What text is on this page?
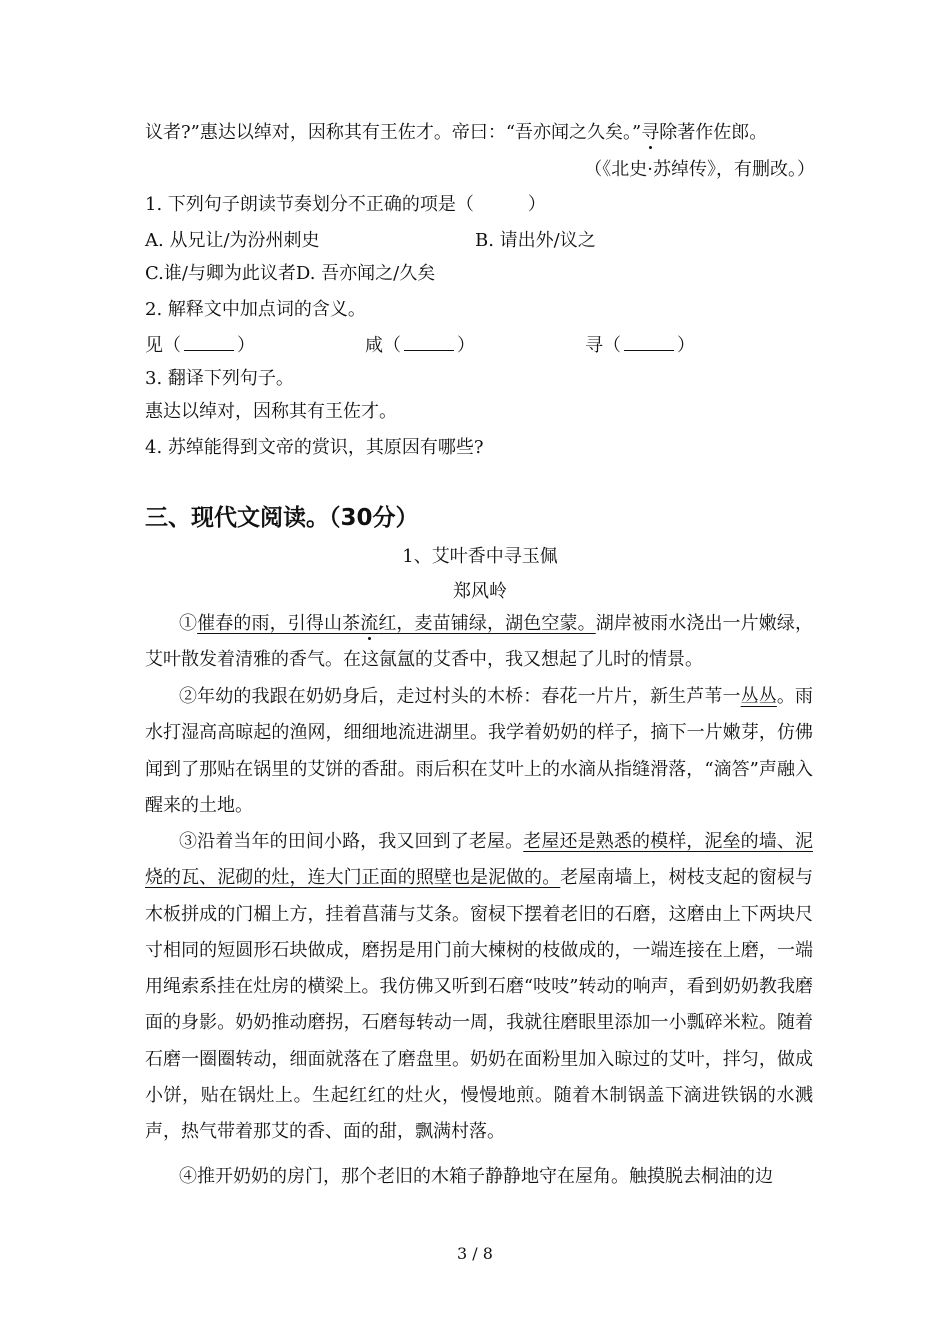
议者?”惠达以绰对，因称其有王佐才。帝曰：“吾亦闻之久矣。”寻除著作佐郎。
（《北史·苏绰传》，有删改。）
1. 下列句子朗读节奏划分不正确的项是（　　　）
A. 从兄让/为汾州刺史	B. 请出外/议之
C.谁/与卿为此议者D. 吾亦闻之/久矣
2. 解释文中加点词的含义。
见（	）	咸（	）	寻（	）
3. 翻译下列句子。
惠达以绰对，因称其有王佐才。
4. 苏绰能得到文帝的赏识，其原因有哪些?
三、现代文阅读。（30分）
1、艾叶香中寻玉佩
郑风岭
①催春的雨，引得山茶流红，麦苗铺绿，湖色空蒙。湖岸被雨水浇出一片嫩绿，艾叶散发着清雅的香气。在这氤氲的艾香中，我又想起了儿时的情景。
②年幼的我跟在奶奶身后，走过村头的木桥：春花一片片，新生芦苇一丛丛。雨水打湿高高晾起的渔网，细细地流进湖里。我学着奶奶的样子，摘下一片嫩芽，仿佛闻到了那贴在锅里的艾饼的香甜。雨后积在艾叶上的水滴从指缝滑落，“滴答”声融入醒来的土地。
③沿着当年的田间小路，我又回到了老屋。老屋还是熟悉的模样，泥垒的墙、泥烧的瓦、泥砌的灶，连大门正面的照壁也是泥做的。老屋南墙上，树枝支起的窗棂与木板拼成的门楣上方，挂着菖蒲与艾条。窗棂下摆着老旧的石磨，这磨由上下两块尺寸相同的短圆形石块做成，磨拐是用门前大楝树的枝做成的，一端连接在上磨，一端用绳索系挂在灶房的横梁上。我仿佛又听到石磨“吱吱”转动的响声，看到奶奶教我磨面的身影。奶奶推动磨拐，石磨每转动一周，我就往磨眼里添加一小瓢碎米粒。随着石磨一圈圈转动，细面就落在了磨盘里。奶奶在面粉里加入晾过的艾叶，拌匀，做成小饼，贴在锅灶上。生起红红的灶火，慢慢地煎。随着木制锅盖下滴进铁锅的水溅声，热气带着那艾的香、面的甜，飘满村落。
④推开奶奶的房门，那个老旧的木箱子静静地守在屋角。触摸脱去桐油的边
3 / 8
